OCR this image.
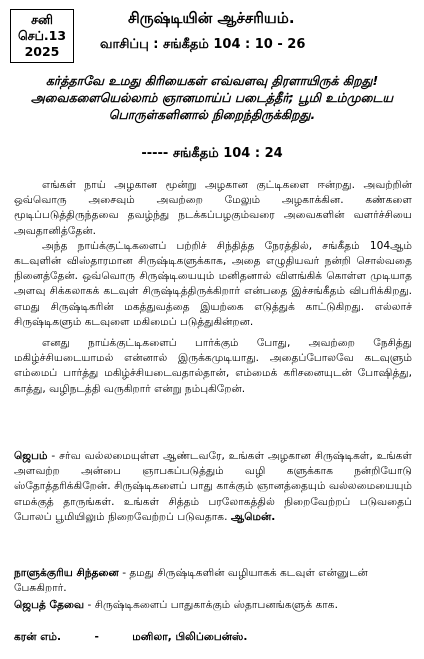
சனி
செப்.13
2025
சிருஷ்டியின் ஆச்சரியம்.
வாசிப்பு : சங்கீதம் 104 : 10 - 26
கர்த்தாவே உமது கிரியைகள் எவ்வளவு திரளாயிருக் கிறது! அவைகளையெல்லாம் ஞானமாய்ப் படைத்தீர்; பூமி உம்முடைய பொருள்களினால் நிறைந்திருக்கிறது.
----- சங்கீதம் 104 : 24

எங்கள் நாய் அழகான மூன்று அழகான குட்டிகளை ஈன்றது. அவற்றின் ஒவ்வொரு அசைவும் அவற்றை மேலும் அழகாக்கின. கண்களை மூடிப்படுத்திருந்தவை தவழ்ந்து நடக்கப்பழகும்வரை அவைகளின் வளர்ச்சியை அவதானித்தேன்.

அந்த நாய்க்குட்டிகளைப் பற்றிச் சிந்தித்த நேரத்தில், சங்கீதம் 104ஆம் கடவுளின் விஸ்தாரமான சிருஷ்டிகளுக்காக, அதை எழுதியவர் நன்றி சொல்வதை நினைத்தேன். ஒவ்வொரு சிருஷ்டியையும் மனிதனால் விளங்கிக் கொள்ள முடியாத அளவு சிக்கலாகக் கடவுள் சிருஷ்டித்திருக்கிறார் என்பதை இச்சங்கீதம் விபரிக்கிறது. எமது சிருஷ்டிகரின் மகத்துவத்தை இயற்கை எடுத்துக் காட்டுகிறது. எல்லாச் சிருஷ்டிகளும் கடவுளை மகிமைப் படுத்துகின்றன.

எனது நாய்க்குட்டிகளைப் பார்க்கும் போது, அவற்றை நேசித்து மகிழ்ச்சியடையாமல் என்னால் இருக்கமுடியாது. அதைப்போலவே கடவுளும் எம்மைப் பார்த்து மகிழ்ச்சியடைவதால்தான், எம்மைக் கரிசனையுடன் போஷித்து, காத்து, வழிநடத்தி வருகிறார் என்று நம்புகிறேன்.

ஜெபம் - சர்வ வல்லமையுள்ள ஆண்டவரே, உங்கள் அழகான சிருஷ்டிகள், உங்கள் அளவற்ற அன்பை ஞாபகப்படுத்தும் வழி களுக்காக நன்றியோடு ஸ்தோத்தரிக்கிறேன். சிருஷ்டிகளைப் பாது காக்கும் ஞானத்தையும் வல்லமையையும் எமக்குத் தாருங்கள். உங்கள் சித்தம் பரலோகத்தில் நிறைவேற்றப் படுவதைப் போலப் பூமியிலும் நிறைவேற்றப் படுவதாக. ஆமென்.
நாளுக்குரிய சிந்தனை - தமது சிருஷ்டிகளின் வழியாகக் கடவுள் என்னுடன் பேசுகிறார்.
ஜெபத் தேவை - சிருஷ்டிகளைப் பாதுகாக்கும் ஸ்தாபனங்களுக் காக.
கரன் எம்.	-	மனிலா, பிலிப்பைன்ஸ்.
